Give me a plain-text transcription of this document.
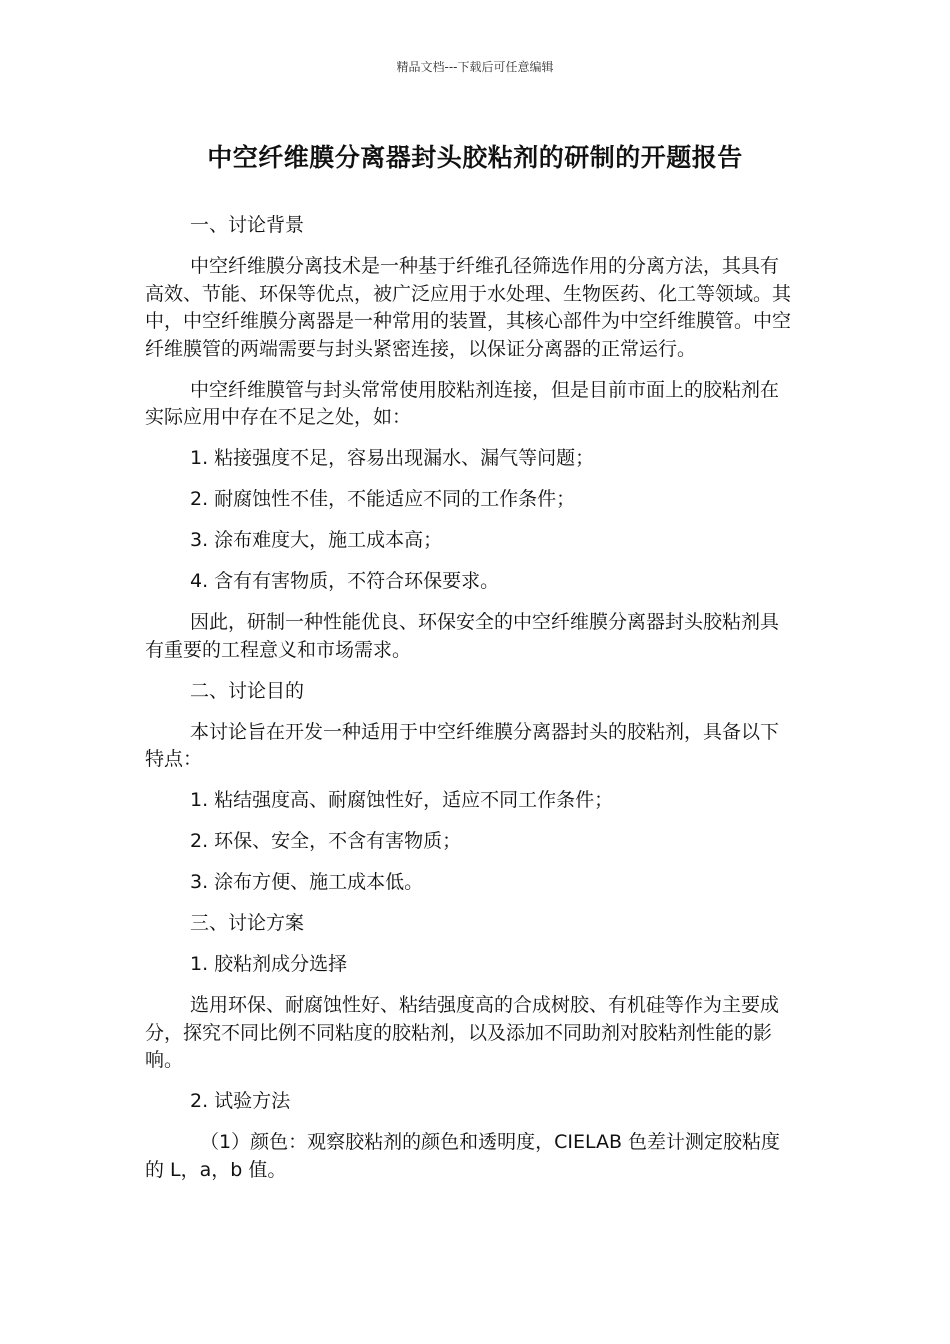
精品文档---下载后可任意编辑
中空纤维膜分离器封头胶粘剂的研制的开题报告

一、讨论背景

中空纤维膜分离技术是一种基于纤维孔径筛选作用的分离方法，其具有高效、节能、环保等优点，被广泛应用于水处理、生物医药、化工等领域。其中，中空纤维膜分离器是一种常用的装置，其核心部件为中空纤维膜管。中空纤维膜管的两端需要与封头紧密连接，以保证分离器的正常运行。

中空纤维膜管与封头常常使用胶粘剂连接，但是目前市面上的胶粘剂在实际应用中存在不足之处，如：

1. 粘接强度不足，容易出现漏水、漏气等问题；

2. 耐腐蚀性不佳，不能适应不同的工作条件；

3. 涂布难度大，施工成本高；

4. 含有有害物质，不符合环保要求。

因此，研制一种性能优良、环保安全的中空纤维膜分离器封头胶粘剂具有重要的工程意义和市场需求。

二、讨论目的

本讨论旨在开发一种适用于中空纤维膜分离器封头的胶粘剂，具备以下特点：

1. 粘结强度高、耐腐蚀性好，适应不同工作条件；

2. 环保、安全，不含有害物质；

3. 涂布方便、施工成本低。

三、讨论方案

1. 胶粘剂成分选择

选用环保、耐腐蚀性好、粘结强度高的合成树胶、有机硅等作为主要成分，探究不同比例不同粘度的胶粘剂，以及添加不同助剂对胶粘剂性能的影响。

2. 试验方法

（1）颜色：观察胶粘剂的颜色和透明度，CIELAB 色差计测定胶粘度的 L，a，b 值。
